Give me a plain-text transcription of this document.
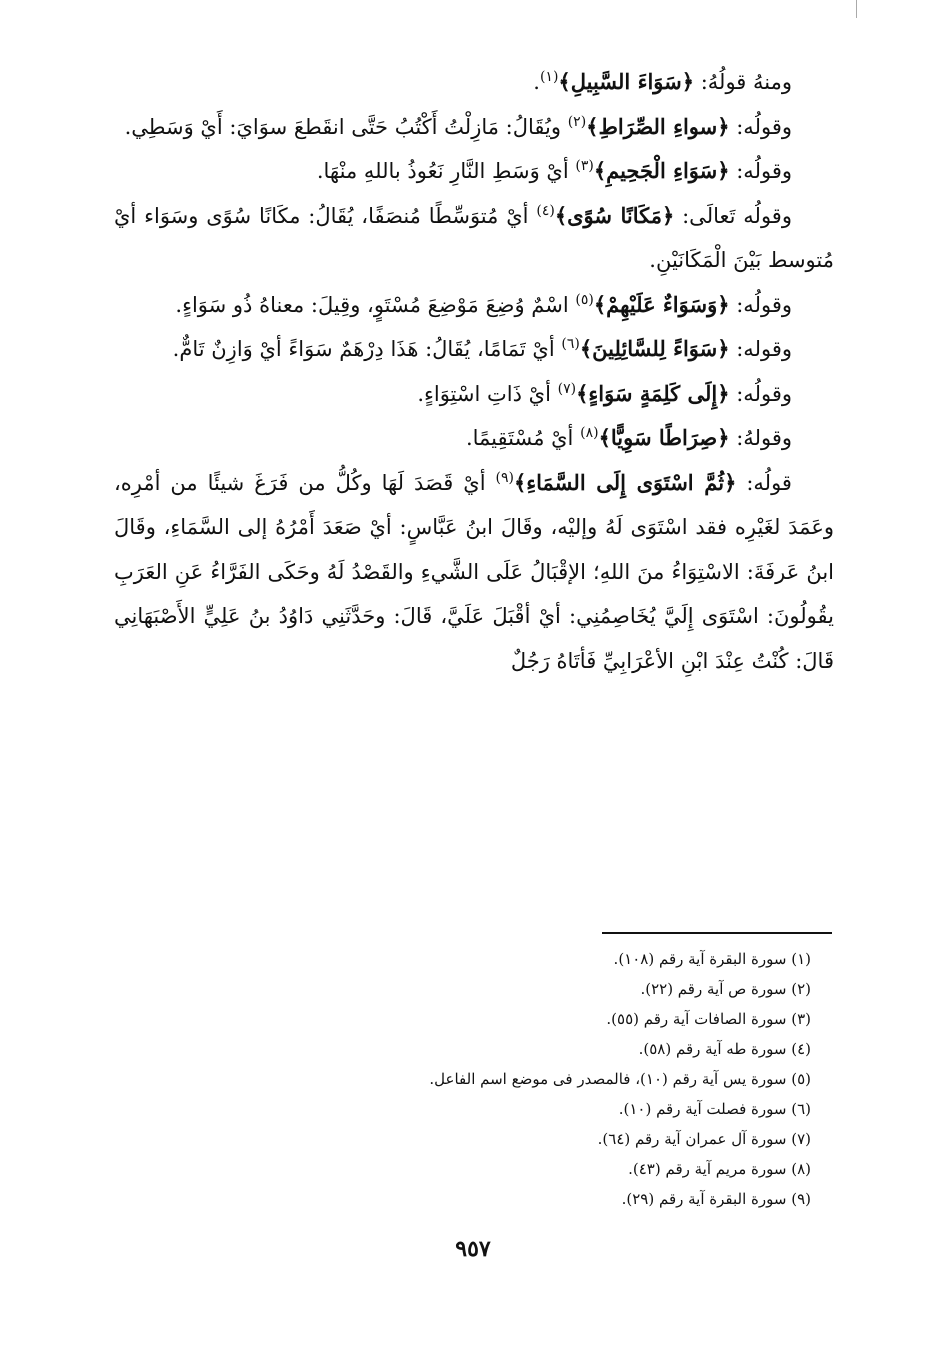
ومنهُ قولُهُ: ﴿سَوَاءَ السَّبِيلِ﴾$^{(١)}$.

وقولُه: ﴿سواءِ الصِّرَاطِ﴾$^{(٢)}$ ويُقَالُ: مَازِلْتُ أَكْتُبُ حَتَّى انقَطعَ سوَايَ: أَيْ وَسَطِي.

وقولُه: ﴿سَوَاءِ الْجَحِيمِ﴾$^{(٣)}$ أيْ وَسَطِ النَّارِ نَعُوذُ باللهِ منْهَا.

وقولُه تَعالَى: ﴿مَكَانًا سُوًى﴾$^{(٤)}$ أيْ مُتوَسِّطًا مُنصَفًا، يُقَالُ: مكَانًا سُوًى وسَوَاء أيْ مُتوسط بَيْنَ الْمَكَانَيْنِ.

وقولُه: ﴿وَسَوَاءٌ عَلَيْهِمْ﴾$^{(٥)}$ اسْمٌ وُضِعَ مَوْضِعَ مُسْتَوٍ، وقِيلَ: معناهُ ذُو سَوَاءٍ.

وقوله: ﴿سَوَاءً لِلسَّائِلِينَ﴾$^{(٦)}$ أيْ تَمَامًا، يُقَالُ: هَذَا دِرْهَمٌ سَوَاءً أيْ وَازِنٌ تَامٌّ.

وقولُه: ﴿إِلَى كَلِمَةٍ سَوَاءٍ﴾$^{(٧)}$ أيْ ذَاتِ اسْتِوَاءٍ.

وقولهُ: ﴿صِرَاطًا سَوِيًّا﴾$^{(٨)}$ أيْ مُسْتَقِيمًا.

قولُه: ﴿ثُمَّ اسْتَوَى إِلَى السَّمَاءِ﴾$^{(٩)}$ أيْ قَصَدَ لَهَا وكُلُّ من فَرَغَ شيئًا من أمْرِه، وعَمَدَ لغَيْرِه فقد اسْتَوَى لَهُ وإليْه، وقَالَ ابنُ عَبَّاسٍ: أيْ صَعَدَ أَمْرُهُ إلى السَّمَاءِ، وقَالَ ابنُ عَرفَةَ: الاسْتِوَاءُ منَ اللهِ؛ الإقْبَالُ عَلَى الشَّيءِ والقَصْدُ لَهُ وحَكَى الفَرَّاءُ عَنِ العَرَبِ يقُولُونَ: اسْتَوَى إِلَيَّ يُخَاصِمُنِي: أيْ أقْبَلَ عَلَيَّ، قَالَ: وحَدَّثَنِي دَاوُدُ بنُ عَلِيٍّ الأَصْبَهَانِي قَالَ: كُنْتُ عِنْدَ ابْنِ الأعْرَابِيِّ فَأتَاهُ رَجُلٌ

(١) سورة البقرة آية رقم (١٠٨).
(٢) سورة ص آية رقم (٢٢).
(٣) سورة الصافات آية رقم (٥٥).
(٤) سورة طه آية رقم (٥٨).
(٥) سورة يس آية رقم (١٠)، فالمصدر فى موضع اسم الفاعل.
(٦) سورة فصلت آية رقم (١٠).
(٧) سورة آل عمران آية رقم (٦٤).
(٨) سورة مريم آية رقم (٤٣).
(٩) سورة البقرة آية رقم (٢٩).
٩٥٧
